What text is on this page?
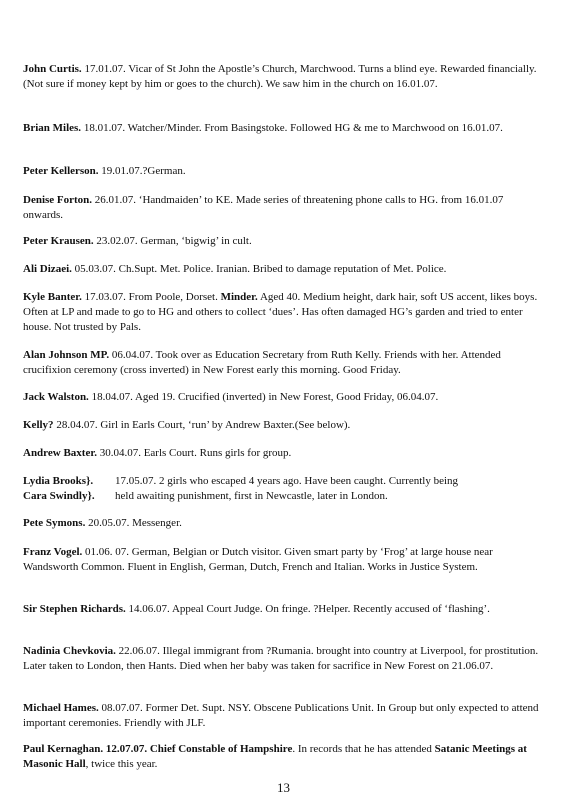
John Curtis. 17.01.07. Vicar of St John the Apostle’s Church, Marchwood. Turns a blind eye. Rewarded financially. (Not sure if money kept by him or goes to the church). We saw him in the church on 16.01.07.

Brian Miles. 18.01.07. Watcher/Minder. From Basingstoke. Followed HG & me to Marchwood on 16.01.07.

Peter Kellerson. 19.01.07.?German.

Denise Forton. 26.01.07. ‘Handmaiden’ to KE. Made series of threatening phone calls to HG. from 16.01.07 onwards.

Peter Krausen. 23.02.07. German, ‘bigwig’ in cult.

Ali Dizaei. 05.03.07. Ch.Supt. Met. Police. Iranian. Bribed to damage reputation of Met. Police.

Kyle Banter. 17.03.07. From Poole, Dorset. Minder. Aged 40. Medium height, dark hair, soft US accent, likes boys. Often at LP and made to go to HG and others to collect ‘dues’. Has often damaged HG’s garden and tried to enter house. Not trusted by Pals.

Alan Johnson MP. 06.04.07. Took over as Education Secretary from Ruth Kelly. Friends with her. Attended crucifixion ceremony (cross inverted) in New Forest early this morning. Good Friday.

Jack Walston. 18.04.07. Aged 19. Crucified (inverted) in New Forest, Good Friday, 06.04.07.

Kelly? 28.04.07. Girl in Earls Court, ‘run’ by Andrew Baxter.(See below).

Andrew Baxter. 30.04.07. Earls Court. Runs girls for group.

Lydia Brooks}.	17.05.07. 2 girls who escaped 4 years ago. Have been caught. Currently being
Cara Swindly}.	held awaiting punishment, first in Newcastle, later in London.

Pete Symons. 20.05.07. Messenger.

Franz Vogel. 01.06. 07. German, Belgian or Dutch visitor. Given smart party by ‘Frog’ at large house near Wandsworth Common. Fluent in English, German, Dutch, French and Italian. Works in Justice System.

Sir Stephen Richards. 14.06.07. Appeal Court Judge. On fringe. ?Helper. Recently accused of ‘flashing’.

Nadinia Chevkovia. 22.06.07. Illegal immigrant from ?Rumania. brought into country at Liverpool, for prostitution. Later taken to London, then Hants. Died when her baby was taken for sacrifice in New Forest on 21.06.07.

Michael Hames. 08.07.07. Former Det. Supt. NSY. Obscene Publications Unit. In Group but only expected to attend important ceremonies. Friendly with JLF.

Paul Kernaghan. 12.07.07. Chief Constable of Hampshire. In records that he has attended Satanic Meetings at Masonic Hall, twice this year.

13
